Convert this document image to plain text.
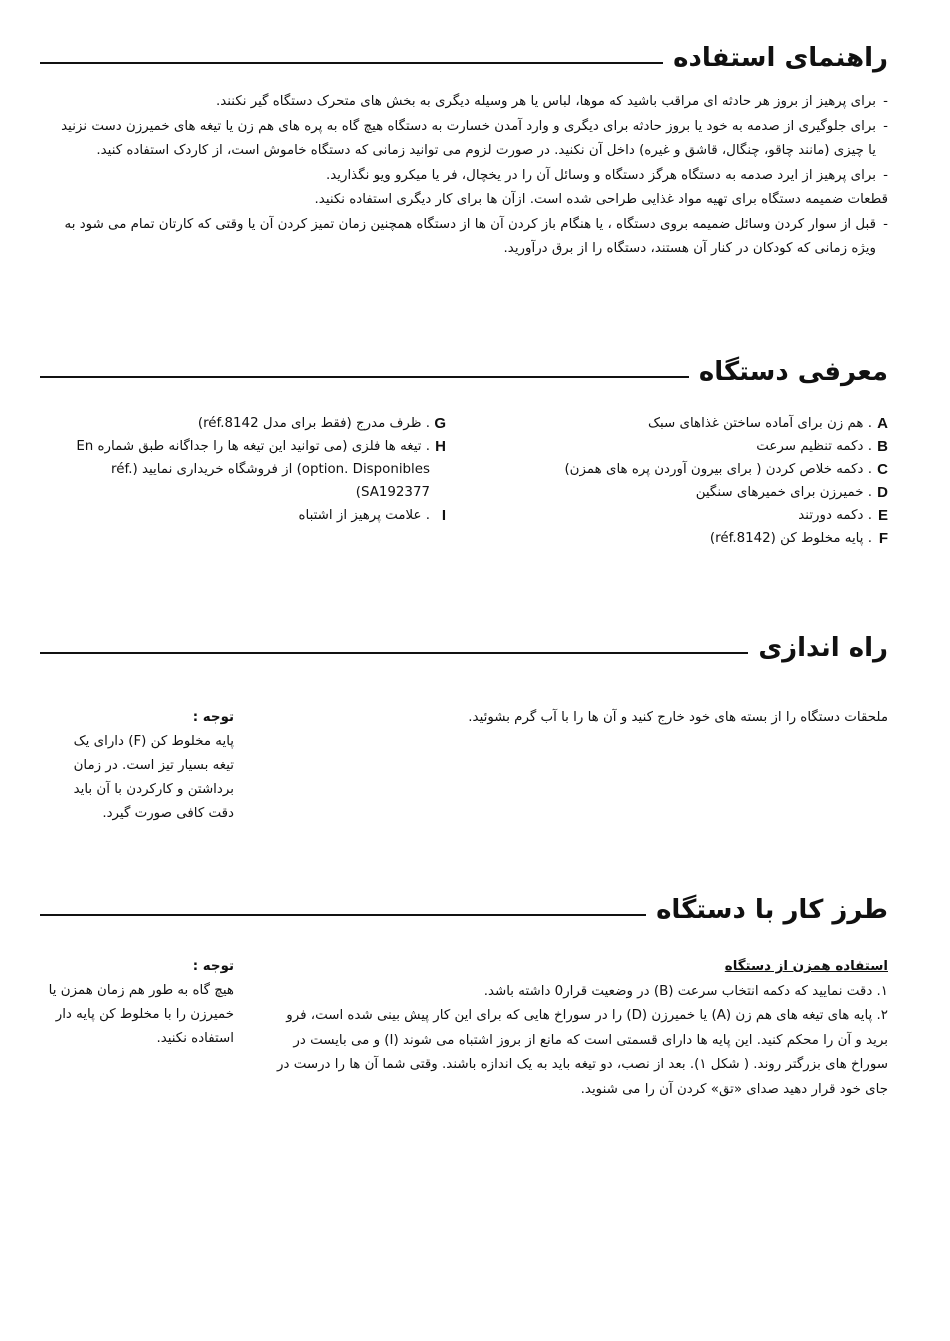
راهنمای استفاده

-
برای پرهیز از بروز هر حادثه ای مراقب باشید که موها، لباس یا هر وسیله دیگری به بخش های متحرک دستگاه گیر نکنند.

-
برای جلوگیری از صدمه به خود یا بروز حادثه برای دیگری و وارد آمدن خسارت به دستگاه هیچ گاه به پره های هم زن یا تیغه های خمیرزن دست نزنید یا چیزی (مانند چاقو، چنگال، قاشق و غیره) داخل آن نکنید. در صورت لزوم می توانید زمانی که دستگاه خاموش است، از کاردک استفاده کنید.

-
برای پرهیز از ایرد صدمه به دستگاه هرگز دستگاه و وسائل آن را در یخچال، فر یا میکرو ویو نگذارید.

قطعات ضمیمه دستگاه برای تهیه مواد غذایی طراحی شده است. ازآن ها برای کار دیگری استفاده نکنید.

-
قبل از سوار کردن وسائل ضمیمه بروی دستگاه ، یا هنگام باز کردن آن ها از دستگاه همچنین زمان تمیز کردن آن یا وقتی که کارتان تمام می شود به ویژه زمانی که کودکان در کنار آن هستند، دستگاه را از برق درآورید.

معرفی دستگاه
A
. هم زن برای آماده ساختن غذاهای سبک
B
. دکمه تنظیم سرعت
C
. دکمه خلاص کردن ( برای بیرون آوردن پره های همزن)
D
. خمیرزن برای خمیرهای سنگین
E
. دکمه دورتند
F
. پایه مخلوط کن (réf.8142)
G
. ظرف مدرج (فقط برای مدل réf.8142)
H
. تیغه ها فلزی (می توانید این تیغه ها را جداگانه طبق شماره En option. Disponibles) از فروشگاه خریداری نمایید (réf. SA192377)
I
. علامت پرهیز از اشتباه
راه اندازی

ملحقات دستگاه را از بسته های خود خارج کنید و آن ها را با آب گرم بشوئید.

توجه :
پایه مخلوط کن (F) دارای یک تیغه بسیار تیز است. در زمان برداشتن و کارکردن با آن باید دقت کافی صورت گیرد.
طرز کار با دستگاه

استفاده همزن از دستگاه

۱. دقت نمایید که دکمه انتخاب سرعت (B) در وضعیت قرار0 داشته باشد.

۲. پایه های تیغه های هم زن (A) یا خمیرزن (D) را در سوراخ هایی که برای این کار پیش بینی شده است، فرو برید و آن را محکم کنید. این پایه ها دارای قسمتی است که مانع از بروز اشتباه می شوند (I) و می بایست در سوراخ های بزرگتر روند. ( شکل ۱). بعد از نصب، دو تیغه باید به یک اندازه باشند. وقتی شما آن ها را درست در جای خود قرار دهید صدای «تق» کردن آن را می شنوید.

توجه :
هیچ گاه به طور هم زمان همزن یا خمیرزن را با مخلوط کن پایه دار استفاده نکنید.
